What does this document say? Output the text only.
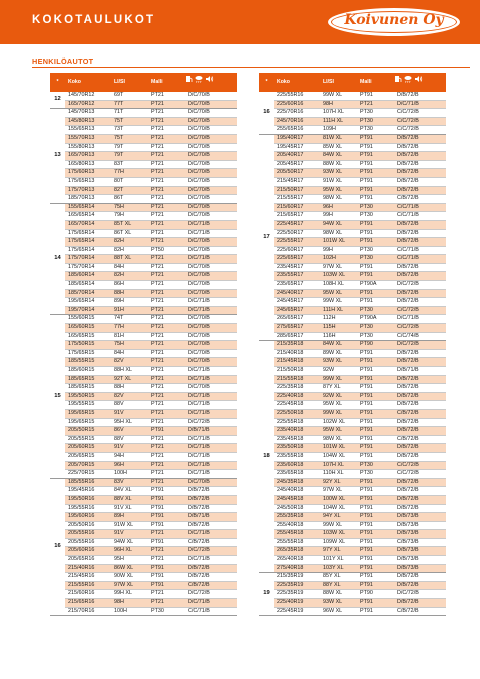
KOKOTAULUKOT	Koivunen Oy
HENKILÖAUTOT
*	Koko	LI/SI	Malli	

12	145/70R12	69T	PT21	D/C/70/B
	165/70R12	77T	PT21	D/C/70/B
13	145/70R13	71T	PT21	D/C/70/B
	145/80R13	75T	PT21	D/C/70/B
	155/65R13	73T	PT21	D/C/70/B
	155/70R13	75T	PT21	D/C/70/B
	155/80R13	79T	PT21	D/C/70/B
	165/70R13	79T	PT21	D/C/70/B
	165/80R13	83T	PT21	D/C/70/B
	175/60R13	77H	PT21	D/C/70/B
	175/65R13	80T	PT21	D/C/70/B
	175/70R13	82T	PT21	D/C/70/B
	185/70R13	86T	PT21	D/C/70/B
14	155/65R14	75H	PT21	D/C/70/B
	165/65R14	79H	PT21	D/C/70/B
	165/70R14	85T XL	PT21	D/C/71/B
	175/65R14	86T XL	PT21	D/C/71/B
	175/65R14	82H	PT21	D/C/70/B
	175/65R14	82H	PT50	D/C/70/B
	175/70R14	88T XL	PT21	D/C/71/B
	175/70R14	84H	PT21	D/C/70/B
	185/60R14	82H	PT21	D/C/70/B
	185/65R14	86H	PT21	D/C/70/B
	185/70R14	88H	PT21	D/C/70/B
	195/65R14	89H	PT21	D/C/71/B
	195/70R14	91H	PT21	D/C/71/B
15	155/60R15	74T	PT21	D/C/70/B
	165/60R15	77H	PT21	D/C/70/B
	165/65R15	81H	PT21	D/C/70/B
	175/50R15	75H	PT21	D/C/70/B
	175/65R15	84H	PT21	D/C/70/B
	185/55R15	82V	PT21	D/C/70/B
	185/60R15	88H XL	PT21	D/C/71/B
	185/65R15	92T XL	PT21	D/C/71/B
	185/65R15	88H	PT21	D/C/70/B
	195/50R15	82V	PT21	D/C/71/B
	195/55R15	88V	PT21	D/C/71/B
	195/65R15	91V	PT21	D/C/71/B
	195/65R15	95H XL	PT21	D/C/72/B
	205/50R15	86V	PT91	D/B/71/B
	205/55R15	88V	PT21	D/C/71/B
	205/60R15	91V	PT21	D/C/71/B
	205/65R15	94H	PT21	D/C/71/B
	205/70R15	96H	PT21	D/C/71/B
	225/70R15	100H	PT21	D/C/71/B
16	185/55R16	83V	PT21	D/C/70/B
	195/45R16	84V XL	PT91	D/B/72/B
	195/50R16	88V XL	PT91	D/B/72/B
	195/55R16	91V XL	PT91	D/B/72/B
	195/60R16	89H	PT91	D/B/71/B
	205/50R16	91W XL	PT91	D/B/72/B
	205/55R16	91V	PT21	D/C/71/B
	205/55R16	94W XL	PT91	C/B/72/B
	205/60R16	96H XL	PT21	D/C/72/B
	205/65R16	95H	PT21	D/C/71/B
	215/40R16	86W XL	PT91	D/B/72/B
	215/45R16	90W XL	PT91	D/B/72/B
	215/55R16	97W XL	PT91	C/B/72/B
	215/60R16	99H XL	PT21	D/C/72/B
	215/65R16	98H	PT21	D/C/71/B
	215/70R16	100H	PT30	C/C/71/B
*	Koko	LI/SI	Malli	

16	225/55R16	99W XL	PT91	D/B/72/B
	225/60R16	98H	PT21	D/C/71/B
	225/70R16	107H XL	PT30	C/C/72/B
	245/70R16	111H XL	PT30	C/C/72/B
	255/65R16	109H	PT30	C/C/72/B
17	195/40R17	81W XL	PT91	D/B/72/B
	195/45R17	85W XL	PT91	D/B/72/B
	205/40R17	84W XL	PT91	D/B/72/B
	205/45R17	88W XL	PT91	D/B/72/B
	205/50R17	93W XL	PT91	D/B/72/B
	215/45R17	91W XL	PT91	D/B/72/B
	215/50R17	95W XL	PT91	D/B/72/B
	215/55R17	98W XL	PT91	C/B/72/B
	215/60R17	96H	PT30	C/C/71/B
	215/65R17	99H	PT30	C/C/71/B
	225/45R17	94W XL	PT91	D/B/72/B
	225/50R17	98W XL	PT91	D/B/72/B
	225/55R17	101W XL	PT91	D/B/72/B
	225/60R17	99H	PT30	C/C/71/B
	225/65R17	102H	PT30	C/C/71/B
	235/45R17	97W XL	PT91	D/B/72/B
	235/55R17	103W XL	PT91	D/B/72/B
	235/65R17	108H XL	PT90A	D/C/72/B
	245/40R17	95W XL	PT91	D/B/72/B
	245/45R17	99W XL	PT91	D/B/72/B
	245/65R17	111H XL	PT30	C/C/72/B
	265/65R17	112H	PT90A	D/C/71/B
	275/65R17	115H	PT30	C/C/72/B
	285/65R17	116H	PT30	C/C/74/B
18	215/35R18	84W XL	PT90	D/C/72/B
	215/40R18	89W XL	PT91	D/B/72/B
	215/45R18	93W XL	PT91	D/B/72/B
	215/50R18	92W	PT91	D/B/71/B
	215/55R18	99W XL	PT91	D/B/72/B
	225/35R18	87Y XL	PT91	D/B/72/B
	225/40R18	92W XL	PT91	D/B/72/B
	225/45R18	95W XL	PT91	D/B/72/B
	225/50R18	99W XL	PT91	C/B/72/B
	225/55R18	102W XL	PT91	D/B/72/B
	235/40R18	95W XL	PT91	D/B/72/B
	235/45R18	98W XL	PT91	C/B/72/B
	235/50R18	101W XL	PT91	D/B/72/B
	235/55R18	104W XL	PT91	D/B/72/B
	235/60R18	107H XL	PT30	C/C/72/B
	235/65R18	110H XL	PT30	C/C/72/B
	245/35R18	92Y XL	PT91	D/B/72/B
	245/40R18	97W XL	PT91	D/B/72/B
	245/45R18	100W XL	PT91	D/B/72/B
	245/50R18	104W XL	PT91	D/B/72/B
	255/35R18	94Y XL	PT91	D/B/73/B
	255/40R18	99W XL	PT91	D/B/73/B
	255/45R18	103W XL	PT91	D/B/73/B
	255/55R18	109W XL	PT91	C/B/73/B
	265/35R18	97Y XL	PT91	D/B/73/B
	265/40R18	101Y XL	PT91	D/B/73/B
	275/40R18	103Y XL	PT91	D/B/73/B
19	215/35R19	85Y XL	PT91	D/B/72/B
	225/35R19	88Y XL	PT91	D/B/72/B
	225/35R19	88W XL	PT90	D/C/72/B
	225/40R19	93W XL	PT91	D/B/72/B
	225/45R19	96W XL	PT91	C/B/72/B
